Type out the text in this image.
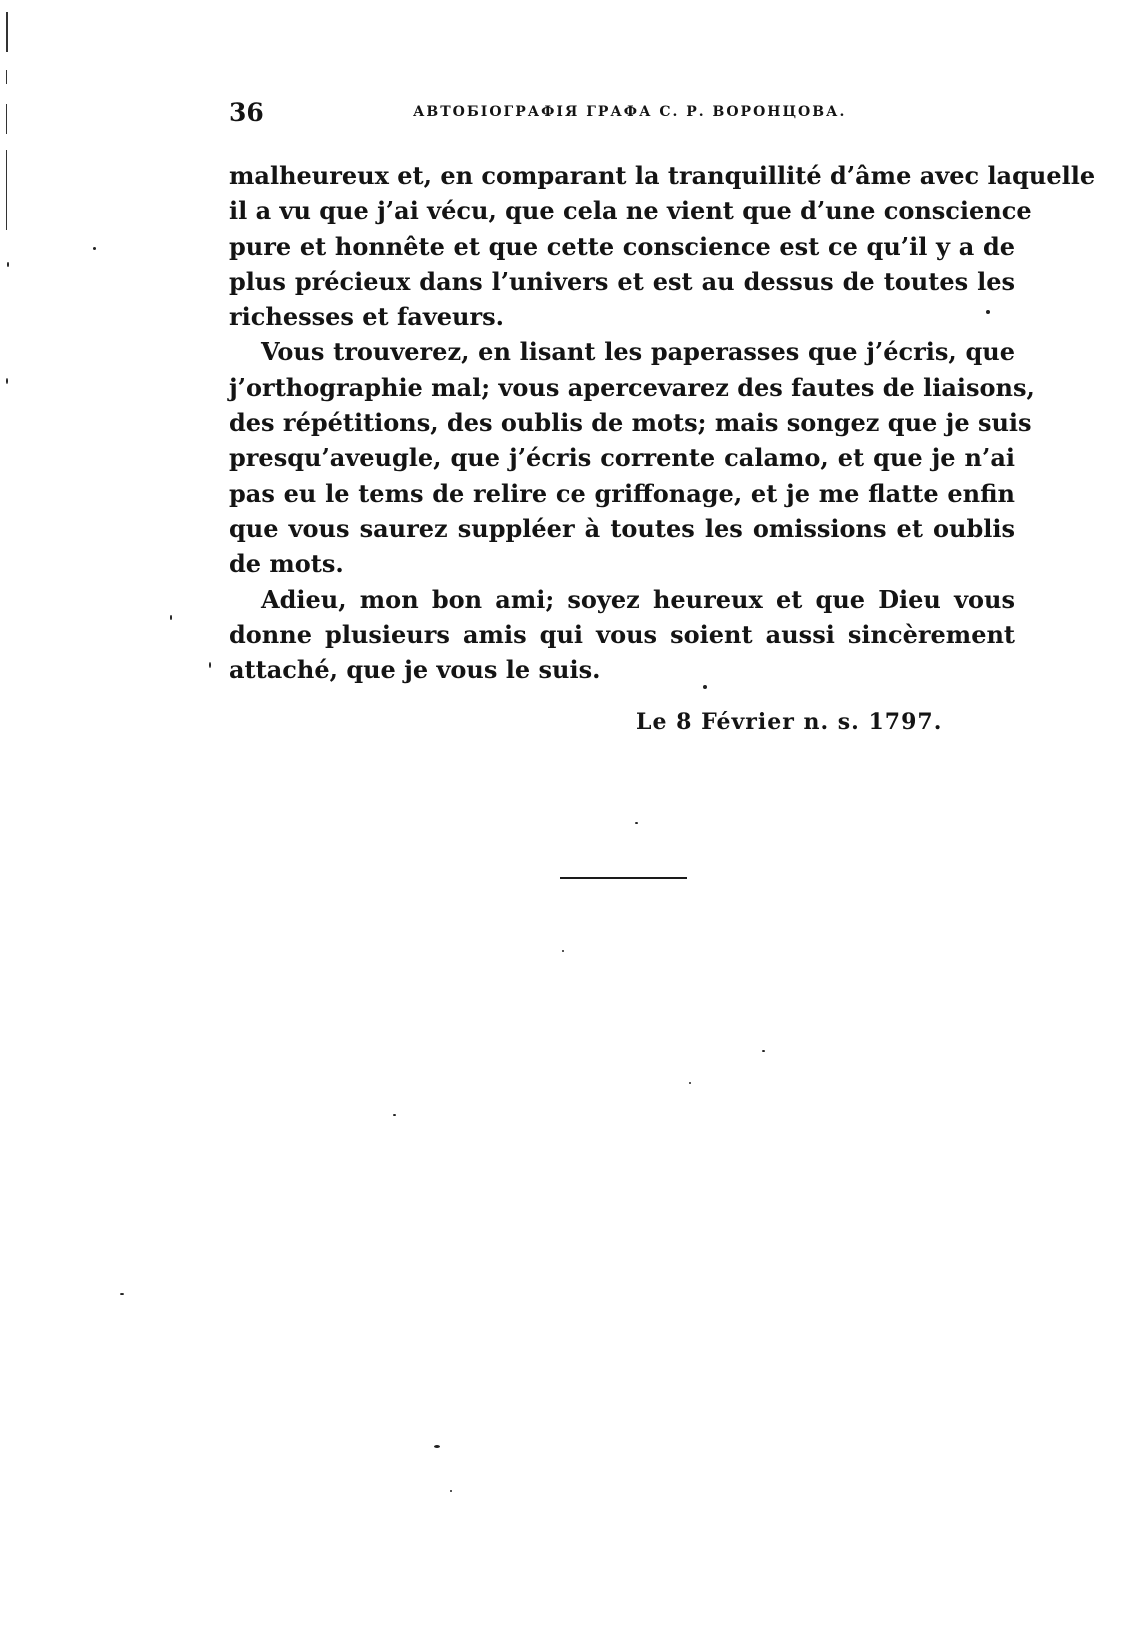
36	АВТОБІОГРАФІЯ ГРАФА С. Р. ВОРОНЦОВА.
malheureux et, en comparant la tranquillité d’âme avec laquelle
il a vu que j’ai vécu, que cela ne vient que d’une conscience
pure et honnête et que cette conscience est ce qu’il y a de
plus précieux dans l’univers et est au dessus de toutes les
richesses et faveurs.
Vous trouverez, en lisant les paperasses que j’écris, que
j’orthographie mal; vous apercevarez des fautes de liaisons,
des répétitions, des oublis de mots; mais songez que je suis
presqu’aveugle, que j’écris corrente calamo, et que je n’ai
pas eu le tems de relire ce griffonage, et je me flatte enfin
que vous saurez suppléer à toutes les omissions et oublis
de mots.
Adieu, mon bon ami; soyez heureux et que Dieu vous
donne plusieurs amis qui vous soient aussi sincèrement
attaché, que je vous le suis.
Le 8 Février n. s. 1797.
